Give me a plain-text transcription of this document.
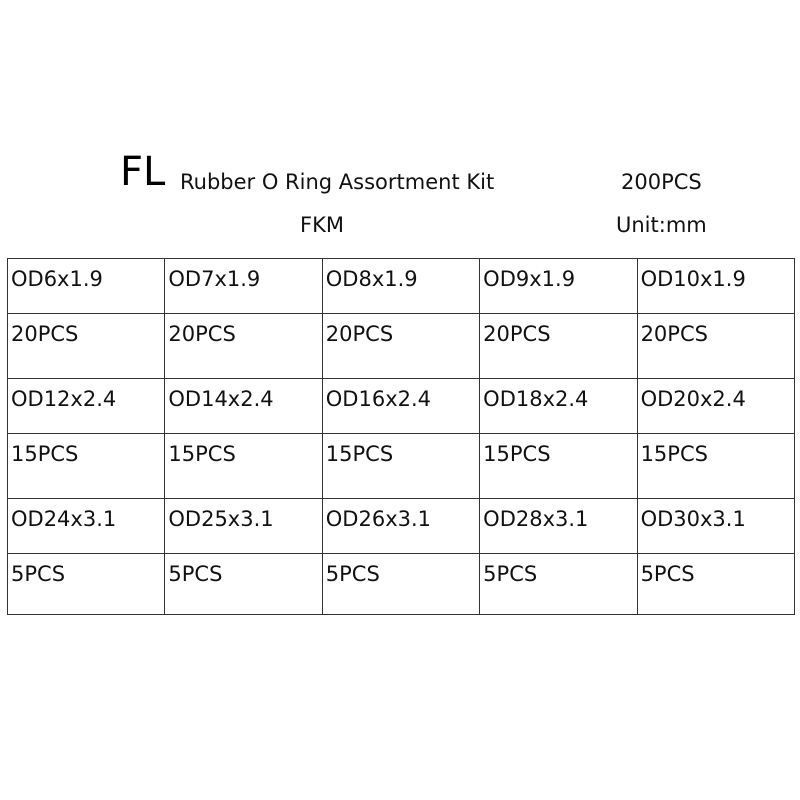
FL Rubber O Ring Assortment Kit	200PCS
FKM	Unit:mm
OD6x1.9	OD7x1.9	OD8x1.9	OD9x1.9	OD10x1.9
20PCS	20PCS	20PCS	20PCS	20PCS
OD12x2.4	OD14x2.4	OD16x2.4	OD18x2.4	OD20x2.4
15PCS	15PCS	15PCS	15PCS	15PCS
OD24x3.1	OD25x3.1	OD26x3.1	OD28x3.1	OD30x3.1
5PCS	5PCS	5PCS	5PCS	5PCS
